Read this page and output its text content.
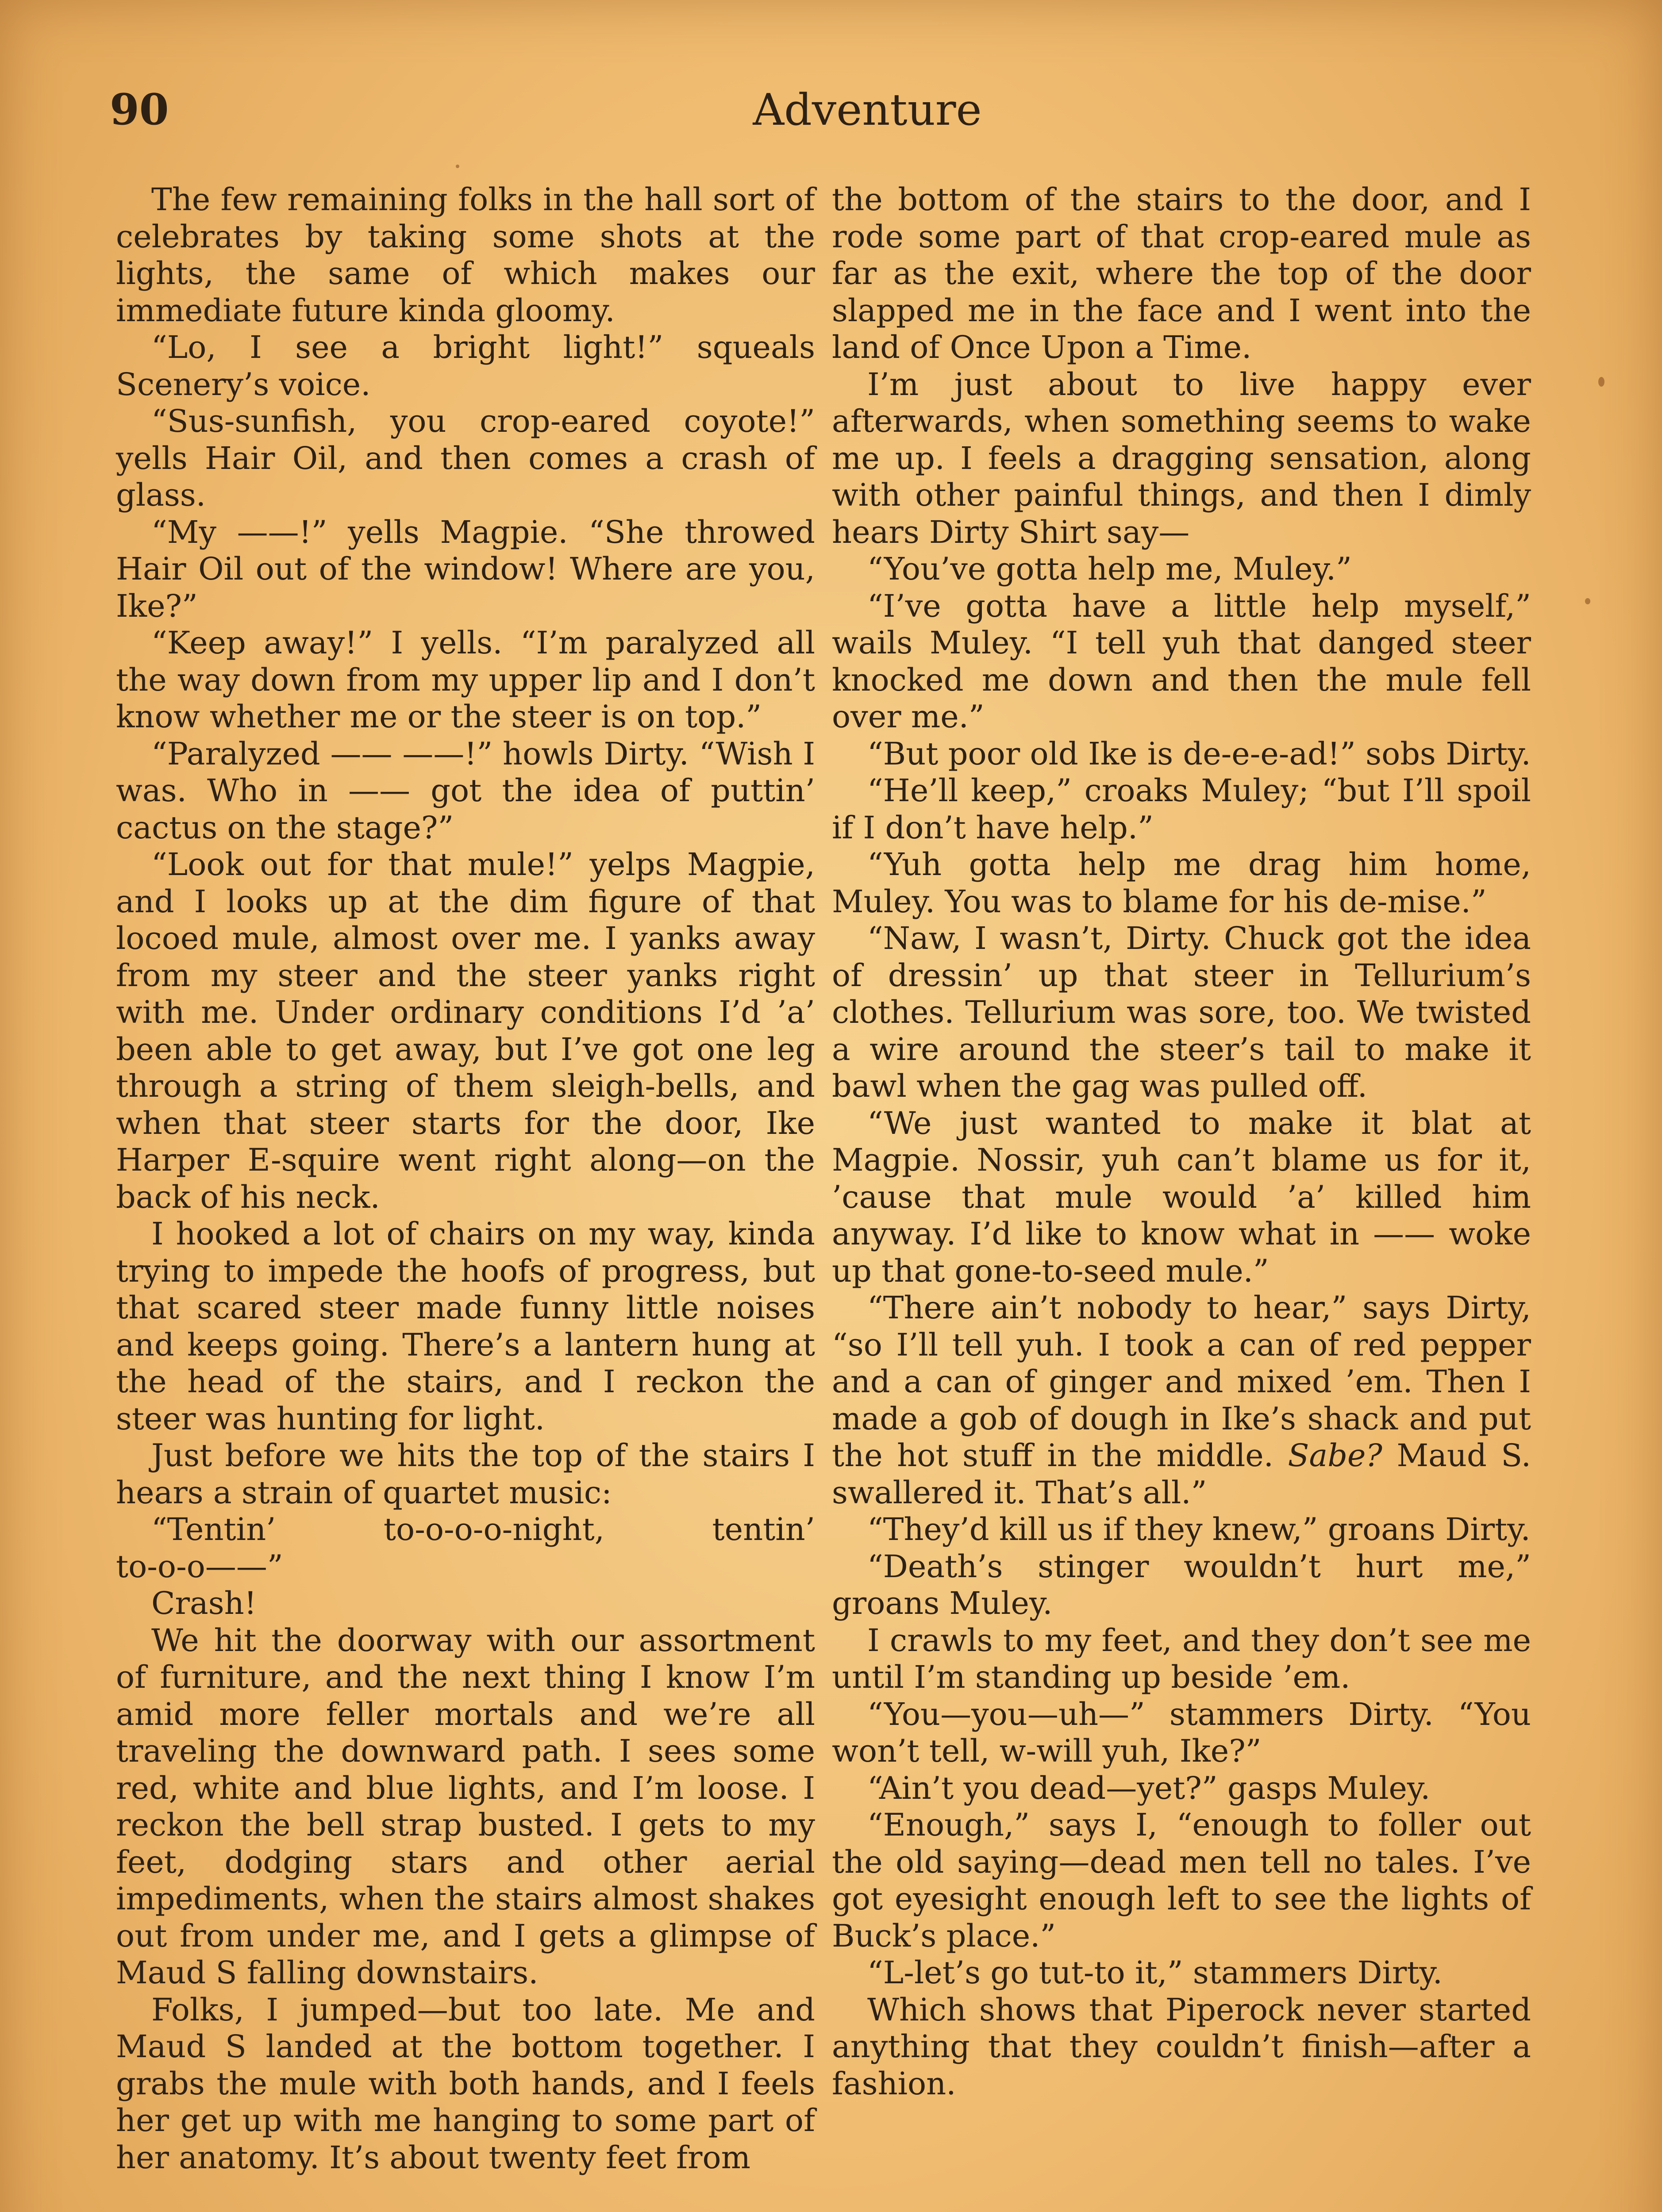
90	Adventure

The few remaining folks in the hall sort of celebrates by taking some shots at the lights, the same of which makes our immediate future kinda gloomy.

“Lo, I see a bright light!” squeals Scenery’s voice.

“Sus-sunfish, you crop-eared coyote!” yells Hair Oil, and then comes a crash of glass.

“My ——!” yells Magpie. “She throwed Hair Oil out of the window! Where are you, Ike?”

“Keep away!” I yells. “I’m paralyzed all the way down from my upper lip and I don’t know whether me or the steer is on top.”

“Paralyzed —— ——!” howls Dirty. “Wish I was. Who in —— got the idea of puttin’ cactus on the stage?”

“Look out for that mule!” yelps Magpie, and I looks up at the dim figure of that locoed mule, almost over me. I yanks away from my steer and the steer yanks right with me. Under ordinary conditions I’d ’a’ been able to get away, but I’ve got one leg through a string of them sleigh-bells, and when that steer starts for the door, Ike Harper E-squire went right along—on the back of his neck.

I hooked a lot of chairs on my way, kinda trying to impede the hoofs of progress, but that scared steer made funny little noises and keeps going. There’s a lantern hung at the head of the stairs, and I reckon the steer was hunting for light.

Just before we hits the top of the stairs I hears a strain of quartet music:

“Tentin’ to-o-o-o-night, tentin’

to-o-o——”

Crash!

We hit the doorway with our assortment of furniture, and the next thing I know I’m amid more feller mortals and we’re all traveling the downward path. I sees some red, white and blue lights, and I’m loose. I reckon the bell strap busted. I gets to my feet, dodging stars and other aerial impediments, when the stairs almost shakes out from under me, and I gets a glimpse of Maud S falling downstairs.

Folks, I jumped—but too late. Me and Maud S landed at the bottom together. I grabs the mule with both hands, and I feels her get up with me hanging to some part of her anatomy. It’s about twenty feet from

the bottom of the stairs to the door, and I rode some part of that crop-eared mule as far as the exit, where the top of the door slapped me in the face and I went into the land of Once Upon a Time.

I’m just about to live happy ever afterwards, when something seems to wake me up. I feels a dragging sensation, along with other painful things, and then I dimly hears Dirty Shirt say—

“You’ve gotta help me, Muley.”

“I’ve gotta have a little help myself,” wails Muley. “I tell yuh that danged steer knocked me down and then the mule fell over me.”

“But poor old Ike is de-e-e-ad!” sobs Dirty.

“He’ll keep,” croaks Muley; “but I’ll spoil if I don’t have help.”

“Yuh gotta help me drag him home, Muley. You was to blame for his de-mise.”

“Naw, I wasn’t, Dirty. Chuck got the idea of dressin’ up that steer in Tellurium’s clothes. Tellurium was sore, too. We twisted a wire around the steer’s tail to make it bawl when the gag was pulled off.

“We just wanted to make it blat at Magpie. Nossir, yuh can’t blame us for it, ’cause that mule would ’a’ killed him anyway. I’d like to know what in —— woke up that gone-to-seed mule.”

“There ain’t nobody to hear,” says Dirty, “so I’ll tell yuh. I took a can of red pepper and a can of ginger and mixed ’em. Then I made a gob of dough in Ike’s shack and put the hot stuff in the middle. Sabe? Maud S. swallered it. That’s all.”

“They’d kill us if they knew,” groans Dirty.

“Death’s stinger wouldn’t hurt me,” groans Muley.

I crawls to my feet, and they don’t see me until I’m standing up beside ’em.

“You—you—uh—” stammers Dirty. “You won’t tell, w-will yuh, Ike?”

“Ain’t you dead—yet?” gasps Muley.

“Enough,” says I, “enough to foller out the old saying—dead men tell no tales. I’ve got eyesight enough left to see the lights of Buck’s place.”

“L-let’s go tut-to it,” stammers Dirty.

Which shows that Piperock never started anything that they couldn’t finish—after a fashion.
